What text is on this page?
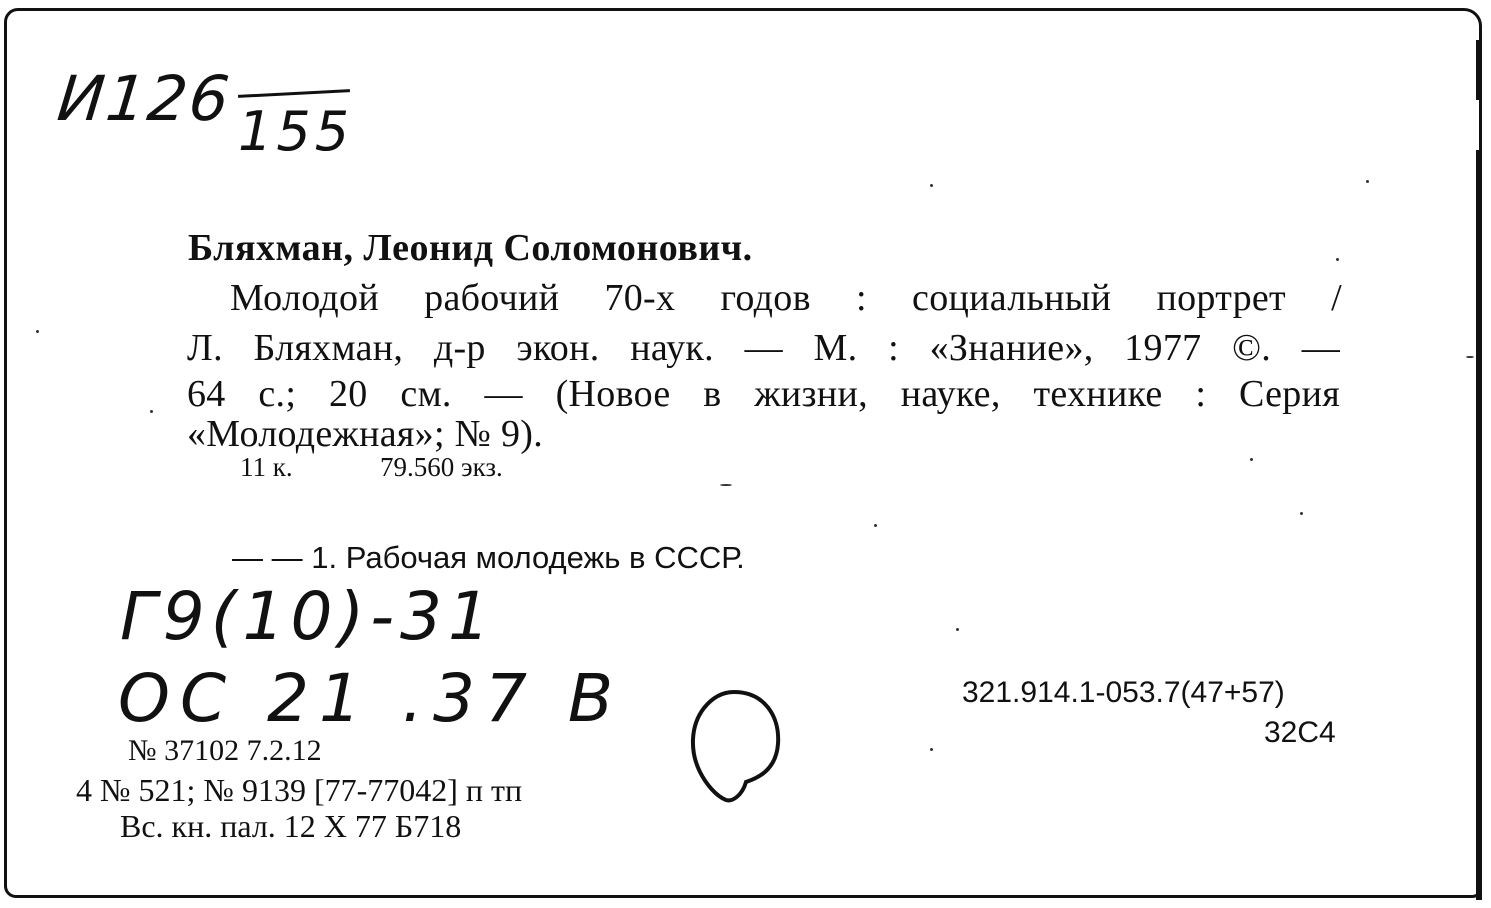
И126 155
Бляхман, Леонид Соломонович.
Молодой рабочий 70-х годов : социальный портрет /
Л. Бляхман, д-р экон. наук. — М. : «Знание», 1977 ©. —
64 с.; 20 см. — (Новое в жизни, науке, технике : Серия
«Молодежная»; № 9).
11 к.	79.560 экз.
— — 1. Рабочая молодежь в СССР.
Г9(10)-31
ОС 21 .37 В	321.914.1-053.7(47+57)
32С4
№ 37102 7.2.12
4 № 521; № 9139 [77-77042] п тп
Вс. кн. пал. 12 Х 77 Б718
